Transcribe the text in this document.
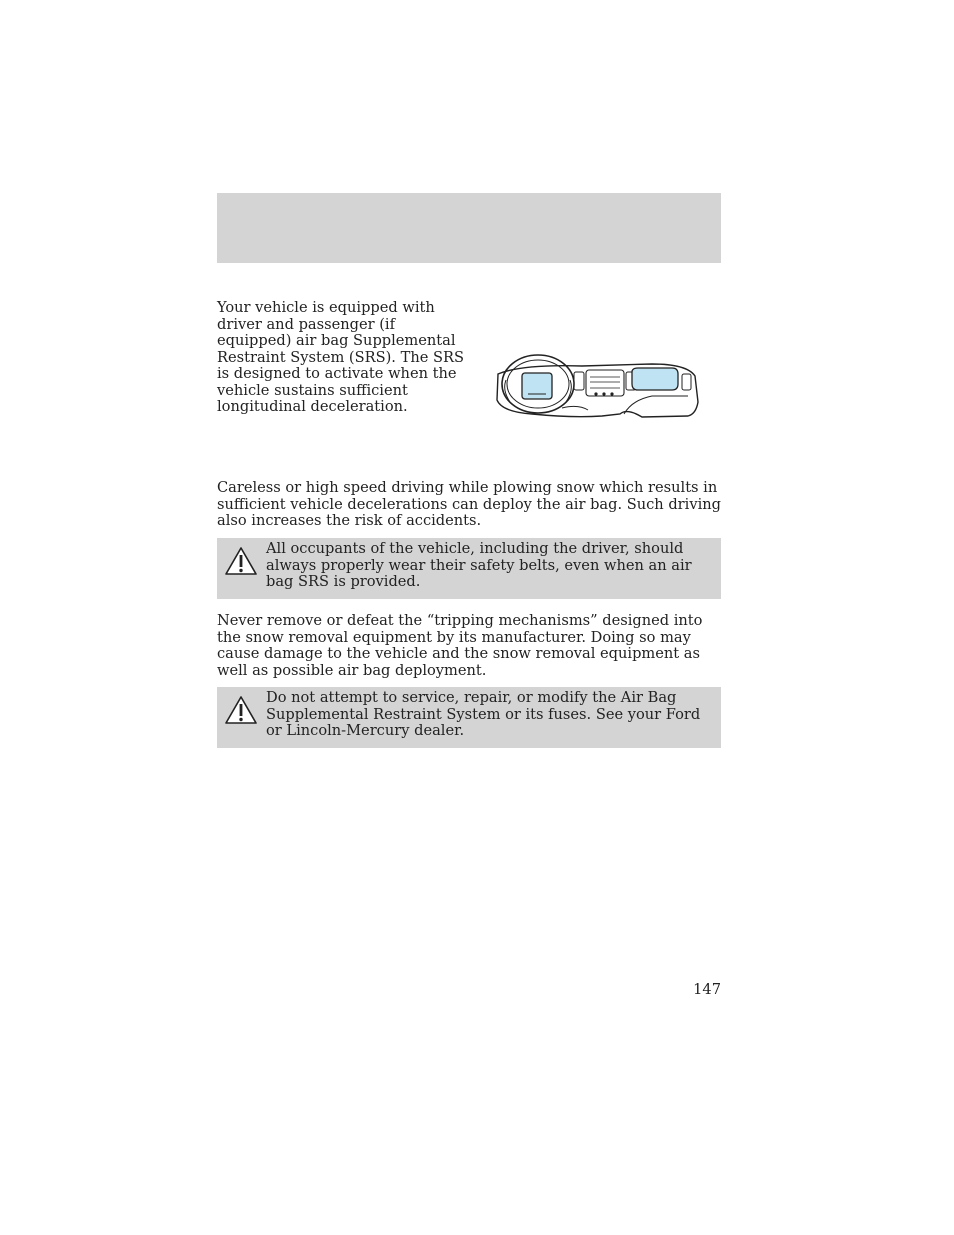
Your vehicle is equipped with driver and passenger (if equipped) air bag Supplemental Restraint System (SRS). The SRS is designed to activate when the vehicle sustains sufficient longitudinal deceleration.
Careless or high speed driving while plowing snow which results in sufficient vehicle decelerations can deploy the air bag. Such driving also increases the risk of accidents.
All occupants of the vehicle, including the driver, should always properly wear their safety belts, even when an air bag SRS is provided.
Never remove or defeat the “tripping mechanisms” designed into the snow removal equipment by its manufacturer. Doing so may cause damage to the vehicle and the snow removal equipment as well as possible air bag deployment.
Do not attempt to service, repair, or modify the Air Bag Supplemental Restraint System or its fuses. See your Ford or Lincoln-Mercury dealer.
147
